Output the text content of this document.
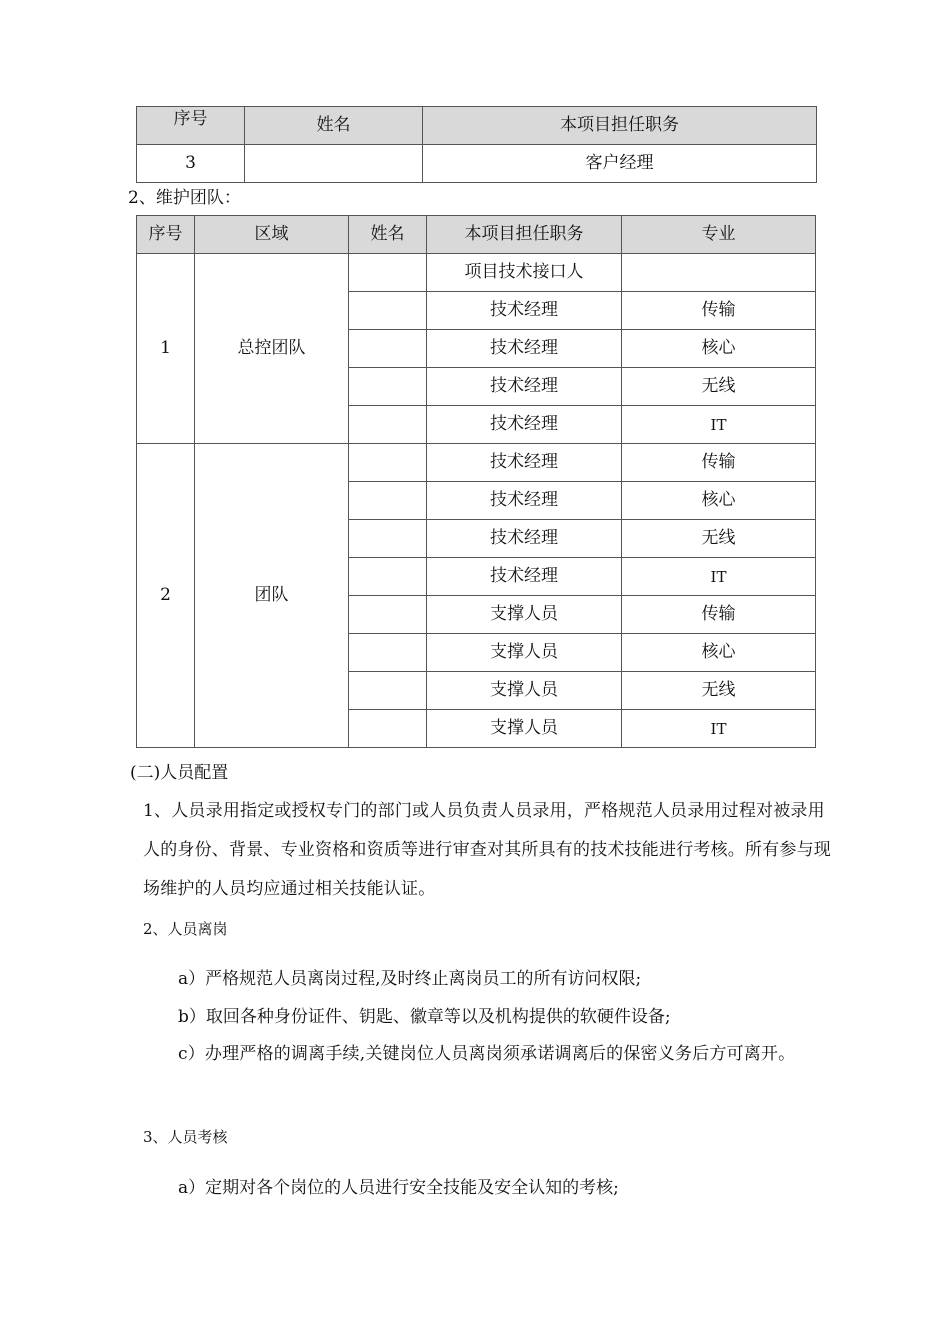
序号	姓名	本项目担任职务
3		客户经理
2、维护团队：
序号	区域	姓名	本项目担任职务	专业
1	总控团队		项目技术接口人	
			技术经理	传输
			技术经理	核心
			技术经理	无线
			技术经理	IT
2	团队		技术经理	传输
			技术经理	核心
			技术经理	无线
			技术经理	IT
			支撑人员	传输
			支撑人员	核心
			支撑人员	无线
			支撑人员	IT
(二)人员配置
1、人员录用指定或授权专门的部门或人员负责人员录用，严格规范人员录用过程对被录用人的身份、背景、专业资格和资质等进行审查对其所具有的技术技能进行考核。所有参与现场维护的人员均应通过相关技能认证。
2、人员离岗
a）严格规范人员离岗过程,及时终止离岗员工的所有访问权限;
b）取回各种身份证件、钥匙、徽章等以及机构提供的软硬件设备;
c）办理严格的调离手续,关键岗位人员离岗须承诺调离后的保密义务后方可离开。
3、人员考核
a）定期对各个岗位的人员进行安全技能及安全认知的考核;
